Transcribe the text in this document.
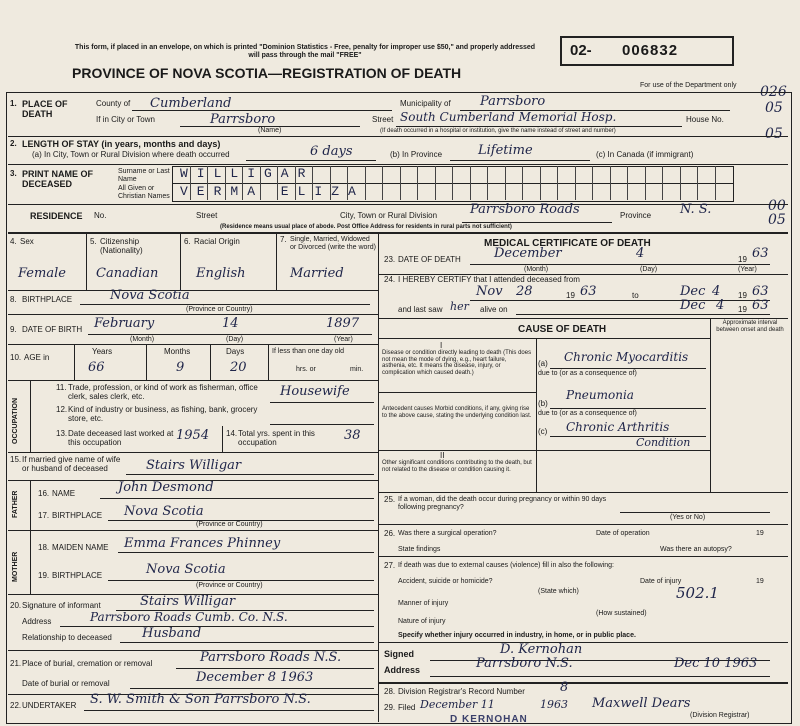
This form, if placed in an envelope, on which is printed "Dominion Statistics - Free, penalty for improper use $50," and properly addressed will pass through the mail "FREE"
PROVINCE OF NOVA SCOTIA—REGISTRATION OF DEATH
02- 006832
For use of the Department only 026
05
05
00
05
1. PLACE OF DEATH
County of Cumberland	Municipality of Parrsboro
If in City or Town	Parrsboro
(Name)
Street South Cumberland Memorial Hosp.	House No.
(If death occurred in a hospital or institution, give the name instead of street and number)
2. LENGTH OF STAY (in years, months and days)
(a) In City, Town or Rural Division where death occurred	6 days	(b) In Province	Lifetime	(c) In Canada (if immigrant)
3. PRINT NAME OF DECEASED
Surname or Last Name
All Given or Christian Names
WILLIGAR
VERMA ELIZA
RESIDENCE No.	Street	City, Town or Rural Division	Parrsboro Roads	Province N. S.
(Residence means usual place of abode. Post Office Address for residents in rural parts not sufficient)
4. Sex	5. Citizenship (Nationality)
6. Racial Origin	7. Single, Married, Widowed or Divorced (write the word)
Female Canadian	English	Married
8. BIRTHPLACE	Nova Scotia
(Province or Country)
9. DATE OF BIRTH February	14	1897
(Month)	(Day)	(Year)
10. AGE in
Years
66
Months
9
Days
20
If less than one day old
hrs. or	min.
OCCUPATION
11. Trade, profession, or kind of work as fisherman, office clerk, sales clerk, etc.	Housewife
12. Kind of industry or business, as fishing, bank, grocery store, etc.
13. Date deceased last worked at this occupation	1954 14. Total yrs. spent in this occupation	38
15. If married give name of wife or husband of deceased	Stairs Willigar
FATHER 16. NAME	John Desmond
17. BIRTHPLACE Nova Scotia
(Province or Country)
MOTHER
18. MAIDEN NAME Emma Frances Phinney
19. BIRTHPLACE	Nova Scotia
(Province or Country)
20. Signature of informant	Stairs Willigar
Address	Parrsboro Roads Cumb. Co. N.S.
Relationship to deceased Husband
21. Place of burial, cremation or removal	Parrsboro Roads N.S.
Date of burial or removal	December 8 1963
22. UNDERTAKER S. W. Smith & Son Parrsboro N.S.
MEDICAL CERTIFICATE OF DEATH
23. DATE OF DEATH	December	4	19 63
(Month)	(Day)	(Year)
24. I HEREBY CERTIFY that I attended deceased from
Nov 28	19 63	to	Dec 4 19 63
and last saw her alive on	Dec 4 19 63
CAUSE OF DEATH
Approximate interval between onset and death
I
Disease or condition directly leading to death (This does not mean the mode of dying, e.g., heart failure, asthenia, etc. It means the disease, injury, or complication which caused death.)
(a) Chronic Myocarditis
due to (or as a consequence of)
Antecedent causes Morbid conditions, if any, giving rise to the above cause, stating the underlying condition last.
(b)
Pneumonia
due to (or as a consequence of)
(c) Chronic Arthritis
Condition
II
Other significant conditions contributing to the death, but not related to the disease or condition causing it.
25. If a woman, did the death occur during pregnancy or within 90 days following pregnancy?
(Yes or No)
26. Was there a surgical operation?	Date of operation	19
State findings	Was there an autopsy?
27. If death was due to external causes (violence) fill in also the following:
Accident, suicide or homicide?	Date of injury	19
(State which)
Manner of injury
502.1
(How sustained)
Nature of injury
Specify whether injury occurred in industry, in home, or in public place.
Signed	D. Kernohan
Address	Parrsboro N.S.	Dec 10 1963
28. Division Registrar's Record Number	8
29. Filed December 11	1963 Maxwell Dears
(Division Registrar)
D KERNOHAN
